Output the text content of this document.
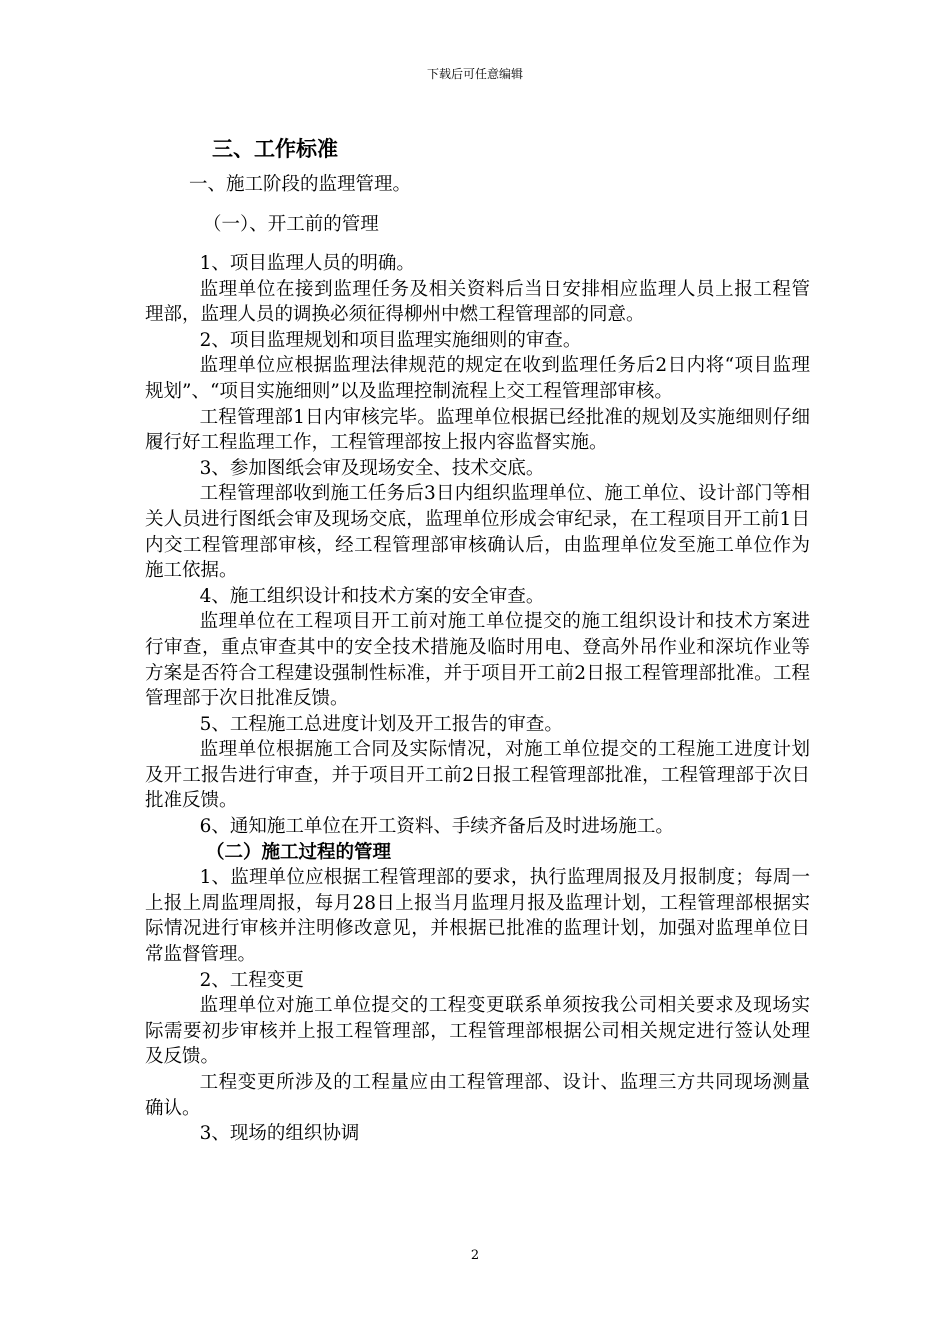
下载后可任意编辑
三、工作标准
一、施工阶段的监理管理。
（一）、开工前的管理

1、项目监理人员的明确。

监理单位在接到监理任务及相关资料后当日安排相应监理人员上报工程管理部，监理人员的调换必须征得柳州中燃工程管理部的同意。

2、项目监理规划和项目监理实施细则的审查。

监理单位应根据监理法律规范的规定在收到监理任务后2日内将“项目监理规划”、“项目实施细则”以及监理控制流程上交工程管理部审核。

工程管理部1日内审核完毕。监理单位根据已经批准的规划及实施细则仔细履行好工程监理工作，工程管理部按上报内容监督实施。

3、参加图纸会审及现场安全、技术交底。

工程管理部收到施工任务后3日内组织监理单位、施工单位、设计部门等相关人员进行图纸会审及现场交底，监理单位形成会审纪录，在工程项目开工前1日内交工程管理部审核，经工程管理部审核确认后，由监理单位发至施工单位作为施工依据。

4、施工组织设计和技术方案的安全审查。

监理单位在工程项目开工前对施工单位提交的施工组织设计和技术方案进行审查，重点审查其中的安全技术措施及临时用电、登高外吊作业和深坑作业等方案是否符合工程建设强制性标准，并于项目开工前2日报工程管理部批准。工程管理部于次日批准反馈。

5、工程施工总进度计划及开工报告的审查。

监理单位根据施工合同及实际情况，对施工单位提交的工程施工进度计划及开工报告进行审查，并于项目开工前2日报工程管理部批准，工程管理部于次日批准反馈。

6、通知施工单位在开工资料、手续齐备后及时进场施工。

（二）施工过程的管理

1、监理单位应根据工程管理部的要求，执行监理周报及月报制度；每周一上报上周监理周报，每月28日上报当月监理月报及监理计划，工程管理部根据实际情况进行审核并注明修改意见，并根据已批准的监理计划，加强对监理单位日常监督管理。

2、工程变更

监理单位对施工单位提交的工程变更联系单须按我公司相关要求及现场实际需要初步审核并上报工程管理部，工程管理部根据公司相关规定进行签认处理及反馈。

工程变更所涉及的工程量应由工程管理部、设计、监理三方共同现场测量确认。

3、现场的组织协调

2
